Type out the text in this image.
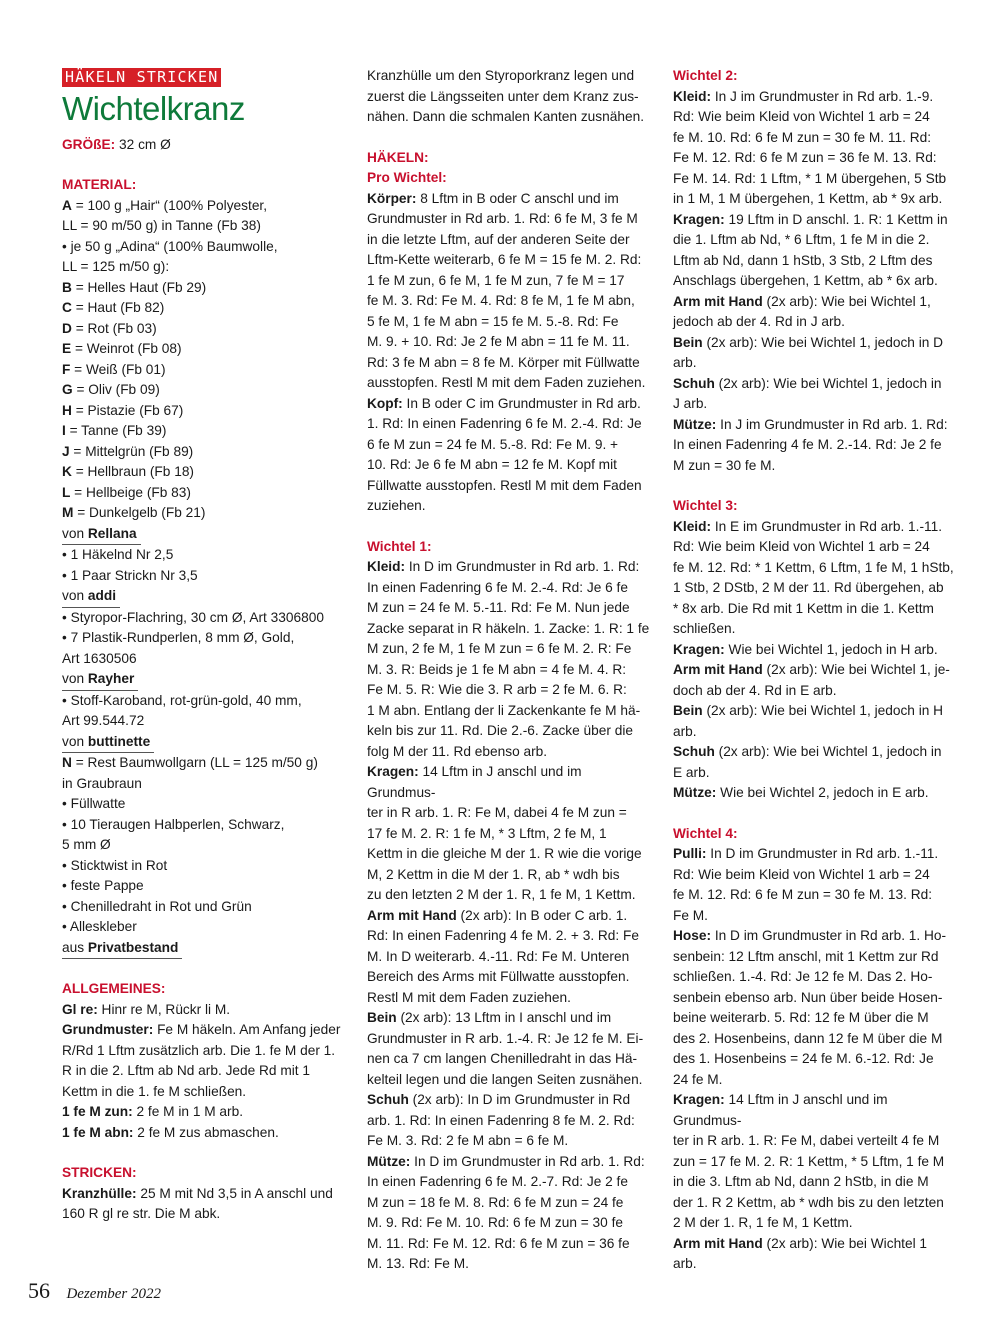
HÄKELN STRICKEN
Wichtelkranz
GRÖßE: 32 cm Ø
MATERIAL:
A = 100 g „Hair“ (100% Polyester,
LL = 90 m/50 g) in Tanne (Fb 38)
• je 50 g „Adina“ (100% Baumwolle,
LL = 125 m/50 g):
B = Helles Haut (Fb 29)
C = Haut (Fb 82)
D = Rot (Fb 03)
E = Weinrot (Fb 08)
F = Weiß (Fb 01)
G = Oliv (Fb 09)
H = Pistazie (Fb 67)
I = Tanne (Fb 39)
J = Mittelgrün (Fb 89)
K = Hellbraun (Fb 18)
L = Hellbeige (Fb 83)
M = Dunkelgelb (Fb 21)
von Rellana
• 1 Häkelnd Nr 2,5
• 1 Paar Strickn Nr 3,5
von addi
• Styropor-Flachring, 30 cm Ø, Art 3306800
• 7 Plastik-Rundperlen, 8 mm Ø, Gold,
Art 1630506
von Rayher
• Stoff-Karoband, rot-grün-gold, 40 mm,
Art 99.544.72
von buttinette
N = Rest Baumwollgarn (LL = 125 m/50 g)
in Graubraun
• Füllwatte
• 10 Tieraugen Halbperlen, Schwarz,
5 mm Ø
• Sticktwist in Rot
• feste Pappe
• Chenilledraht in Rot und Grün
• Alleskleber
aus Privatbestand
ALLGEMEINES:
Gl re: Hinr re M, Rückr li M.
Grundmuster: Fe M häkeln. Am Anfang jeder
R/Rd 1 Lftm zusätzlich arb. Die 1. fe M der 1.
R in die 2. Lftm ab Nd arb. Jede Rd mit 1
Kettm in die 1. fe M schließen.
1 fe M zun: 2 fe M in 1 M arb.
1 fe M abn: 2 fe M zus abmaschen.
STRICKEN:
Kranzhülle: 25 M mit Nd 3,5 in A anschl und
160 R gl re str. Die M abk.
Kranzhülle um den Styroporkranz legen und
zuerst die Längsseiten unter dem Kranz zus-
nähen. Dann die schmalen Kanten zusnähen.
HÄKELN:
Pro Wichtel:
Körper: 8 Lftm in B oder C anschl und im
Grundmuster in Rd arb. 1. Rd: 6 fe M, 3 fe M
in die letzte Lftm, auf der anderen Seite der
Lftm-Kette weiterarb, 6 fe M = 15 fe M. 2. Rd:
1 fe M zun, 6 fe M, 1 fe M zun, 7 fe M = 17
fe M. 3. Rd: Fe M. 4. Rd: 8 fe M, 1 fe M abn,
5 fe M, 1 fe M abn = 15 fe M. 5.-8. Rd: Fe
M. 9. + 10. Rd: Je 2 fe M abn = 11 fe M. 11.
Rd: 3 fe M abn = 8 fe M. Körper mit Füllwatte
ausstopfen. Restl M mit dem Faden zuziehen.
Kopf: In B oder C im Grundmuster in Rd arb.
1. Rd: In einen Fadenring 6 fe M. 2.-4. Rd: Je
6 fe M zun = 24 fe M. 5.-8. Rd: Fe M. 9. +
10. Rd: Je 6 fe M abn = 12 fe M. Kopf mit
Füllwatte ausstopfen. Restl M mit dem Faden
zuziehen.
Wichtel 1:
Kleid: In D im Grundmuster in Rd arb. 1. Rd:
In einen Fadenring 6 fe M. 2.-4. Rd: Je 6 fe
M zun = 24 fe M. 5.-11. Rd: Fe M. Nun jede
Zacke separat in R häkeln. 1. Zacke: 1. R: 1 fe
M zun, 2 fe M, 1 fe M zun = 6 fe M. 2. R: Fe
M. 3. R: Beids je 1 fe M abn = 4 fe M. 4. R:
Fe M. 5. R: Wie die 3. R arb = 2 fe M. 6. R:
1 M abn. Entlang der li Zackenkante fe M hä-
keln bis zur 11. Rd. Die 2.-6. Zacke über die
folg M der 11. Rd ebenso arb.
Kragen: 14 Lftm in J anschl und im Grundmus-
ter in R arb. 1. R: Fe M, dabei 4 fe M zun =
17 fe M. 2. R: 1 fe M, * 3 Lftm, 2 fe M, 1
Kettm in die gleiche M der 1. R wie die vorige
M, 2 Kettm in die M der 1. R, ab * wdh bis
zu den letzten 2 M der 1. R, 1 fe M, 1 Kettm.
Arm mit Hand (2x arb): In B oder C arb. 1.
Rd: In einen Fadenring 4 fe M. 2. + 3. Rd: Fe
M. In D weiterarb. 4.-11. Rd: Fe M. Unteren
Bereich des Arms mit Füllwatte ausstopfen.
Restl M mit dem Faden zuziehen.
Bein (2x arb): 13 Lftm in I anschl und im
Grundmuster in R arb. 1.-4. R: Je 12 fe M. Ei-
nen ca 7 cm langen Chenilledraht in das Hä-
kelteil legen und die langen Seiten zusnähen.
Schuh (2x arb): In D im Grundmuster in Rd
arb. 1. Rd: In einen Fadenring 8 fe M. 2. Rd:
Fe M. 3. Rd: 2 fe M abn = 6 fe M.
Mütze: In D im Grundmuster in Rd arb. 1. Rd:
In einen Fadenring 6 fe M. 2.-7. Rd: Je 2 fe
M zun = 18 fe M. 8. Rd: 6 fe M zun = 24 fe
M. 9. Rd: Fe M. 10. Rd: 6 fe M zun = 30 fe
M. 11. Rd: Fe M. 12. Rd: 6 fe M zun = 36 fe
M. 13. Rd: Fe M.
Wichtel 2:
Kleid: In J im Grundmuster in Rd arb. 1.-9.
Rd: Wie beim Kleid von Wichtel 1 arb = 24
fe M. 10. Rd: 6 fe M zun = 30 fe M. 11. Rd:
Fe M. 12. Rd: 6 fe M zun = 36 fe M. 13. Rd:
Fe M. 14. Rd: 1 Lftm, * 1 M übergehen, 5 Stb
in 1 M, 1 M übergehen, 1 Kettm, ab * 9x arb.
Kragen: 19 Lftm in D anschl. 1. R: 1 Kettm in
die 1. Lftm ab Nd, * 6 Lftm, 1 fe M in die 2.
Lftm ab Nd, dann 1 hStb, 3 Stb, 2 Lftm des
Anschlags übergehen, 1 Kettm, ab * 6x arb.
Arm mit Hand (2x arb): Wie bei Wichtel 1,
jedoch ab der 4. Rd in J arb.
Bein (2x arb): Wie bei Wichtel 1, jedoch in D
arb.
Schuh (2x arb): Wie bei Wichtel 1, jedoch in
J arb.
Mütze: In J im Grundmuster in Rd arb. 1. Rd:
In einen Fadenring 4 fe M. 2.-14. Rd: Je 2 fe
M zun = 30 fe M.
Wichtel 3:
Kleid: In E im Grundmuster in Rd arb. 1.-11.
Rd: Wie beim Kleid von Wichtel 1 arb = 24
fe M. 12. Rd: * 1 Kettm, 6 Lftm, 1 fe M, 1 hStb,
1 Stb, 2 DStb, 2 M der 11. Rd übergehen, ab
* 8x arb. Die Rd mit 1 Kettm in die 1. Kettm
schließen.
Kragen: Wie bei Wichtel 1, jedoch in H arb.
Arm mit Hand (2x arb): Wie bei Wichtel 1, je-
doch ab der 4. Rd in E arb.
Bein (2x arb): Wie bei Wichtel 1, jedoch in H
arb.
Schuh (2x arb): Wie bei Wichtel 1, jedoch in
E arb.
Mütze: Wie bei Wichtel 2, jedoch in E arb.
Wichtel 4:
Pulli: In D im Grundmuster in Rd arb. 1.-11.
Rd: Wie beim Kleid von Wichtel 1 arb = 24
fe M. 12. Rd: 6 fe M zun = 30 fe M. 13. Rd:
Fe M.
Hose: In D im Grundmuster in Rd arb. 1. Ho-
senbein: 12 Lftm anschl, mit 1 Kettm zur Rd
schließen. 1.-4. Rd: Je 12 fe M. Das 2. Ho-
senbein ebenso arb. Nun über beide Hosen-
beine weiterarb. 5. Rd: 12 fe M über die M
des 2. Hosenbeins, dann 12 fe M über die M
des 1. Hosenbeins = 24 fe M. 6.-12. Rd: Je
24 fe M.
Kragen: 14 Lftm in J anschl und im Grundmus-
ter in R arb. 1. R: Fe M, dabei verteilt 4 fe M
zun = 17 fe M. 2. R: 1 Kettm, * 5 Lftm, 1 fe M
in die 3. Lftm ab Nd, dann 2 hStb, in die M
der 1. R 2 Kettm, ab * wdh bis zu den letzten
2 M der 1. R, 1 fe M, 1 Kettm.
Arm mit Hand (2x arb): Wie bei Wichtel 1
arb.
56 Dezember 2022
